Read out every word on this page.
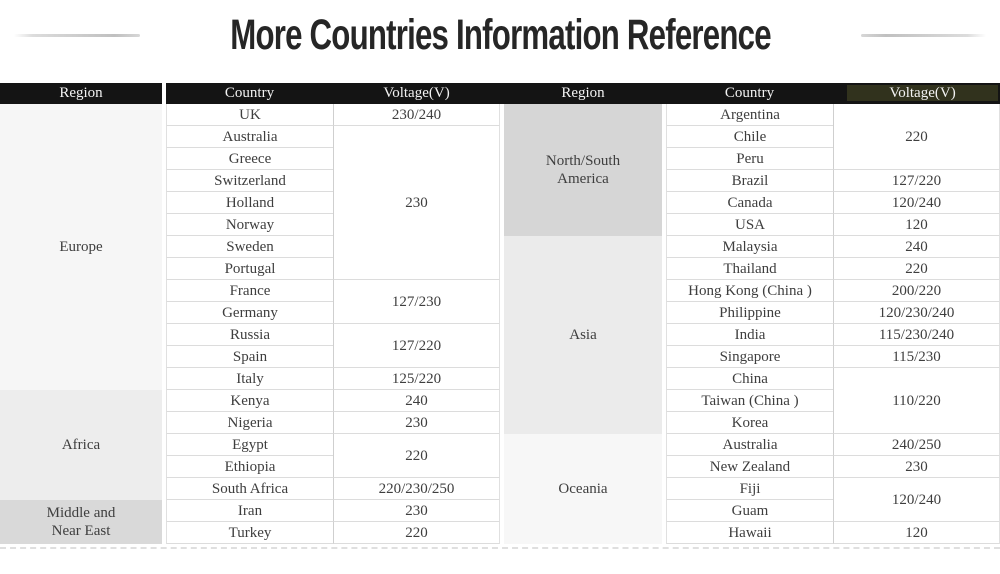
More Countries Information Reference
Region	Country	Voltage(V)
Europe	UK	230/240
	Australia	230
	Greece	
	Switzerland	
	Holland	
	Norway	
	Sweden	
	Portugal	
	France	127/230
	Germany	
	Russia	127/220
	Spain	
	Italy	125/220
Africa	Kenya	240
	Nigeria	230
	Egypt	220
	Ethiopia	
	South Africa	220/230/250
Middle and
Near East	Iran	230
	Turkey	220
Region	Country	Voltage(V)

North/South
America	Argentina	220
	Chile	
	Peru	
	Brazil	127/220
	Canada	120/240
	USA	120
Asia	Malaysia	240
	Thailand	220
	Hong Kong (China )	200/220
	Philippine	120/230/240
	India	115/230/240
	Singapore	115/230
	China	110/220
	Taiwan (China )	
	Korea	
Oceania	Australia	240/250
	New Zealand	230
	Fiji	120/240
	Guam	
	Hawaii	120
